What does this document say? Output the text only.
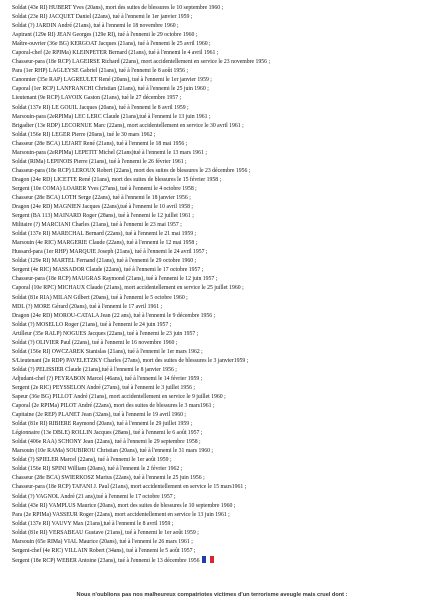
Soldat (43e RI) HUBERT Yves (20ans), mort des suites de blessures le 10 septembre 1960 ;
Soldat (23e RI) JACQUET Daniel (22ans), tué à l'ennemi le 1er janvier 1959 ;
Soldat (?) JARDIN André (21ans), tué à l'ennemi le 18 novembre 1960 ;
Aspirant (129e RI) JEAN Georges (129e RI), tué à l'ennemi le 29 octobre 1960 ;
Maître-ouvrier (36e BG) KERGOAT Jacques (21ans), tué à l'ennemi le 25 avril 1960 ;
Caporal-chef (2e RPIMa) KLEINPETER Bernard (21ans), tué à l'ennemi le 4 avril 1961 ;
Chasseur-para (18e RCP) LAGEIRSE Richard (22ans), mort accidentellement en service le 23 novembre 1956 ;
Para (1er RHP) LAGLEYSE Gabriel (21ans), tué à l'ennemi le 8 août 1956 ;
Canonnier (35e RAP) LAGREULET René (20ans), tué à l'ennemi le 1er janvier 1959 ;
Caporal (1er RCP) LANFRANCHI Christian (21ans), tué à l'ennemi le 25 juin 1960 ;
Lieutenant (9e RCP) LAVOIX Gaston (21ans), tué le 27 décembre 1957 ;
Soldat (137e RI) LE GOUIL Jacques (20ans), tué à l'ennemi le 8 avril 1959 ;
Marsouin-para (2eRPIMa) LEC LERC Claude (21ans),tué à l'ennemi le 13 juin 1961 ;
Brigadier (13e RDP) LECORNUE Marc (22ans), mort accidentellement en service le 30 avril 1961 ;
Soldat (156e RI) LEGER Pierre (20ans), tué le 30 mars 1962 ;
Chasseur (28e BCA) LEJART René (21ans), tué à l'ennemi le 18 mai 1956 ;
Marsouin-para (2eRPIMa) LEPETIT Michel (21ans)tué à l'ennemi le 13 mars 1961 ;
Soldat (RIMa) LEPINOIS Pierre (21ans), tué à l'ennemi le 26 février 1961 ;
Chasseur-para (18e RCP) LEROUX Robert (22ans), mort des suites de blessures le 23 décembre 1956 ;
Dragon (24e RD) LICETTE René (21ans), mort des suites de blessures le 15 février 1958 ;
Sergent (10e COMA) LOARER Yves (27ans), tué à l'ennemi le 4 octobre 1958 ;
Chasseur (28e BCA) LOTH Serge (22ans), tué à l'ennemi le 18 janvier 1956 ;
Dragon (24e RD) MAGNIEN Jacques (22ans),tué à l'ennemi le 10 avril 1958 ;
Sergent (BA 113) MAINARD Roger (28ans), tué à l'ennemi le 12 juillet 1961 ;
Militaire (?) MARCIANI Charles (21ans), tué à l'ennemi le 23 mai 1957 ;
Soldat (137e RI) MARECHAL Bernard (22ans), tué à l'ennemi le 21 mai 1959 ;
Marsouin (4e RIC) MARGERIE Claude (22ans), tué à l'ennemi le 12 mai 1958 ;
Hussard-para (1er RHP) MARQUIE Joseph (21ans), tué à l'ennemi le 24 avril 1957 ;
Soldat (129e RI) MARTEL Fernand (21ans), tué à l'ennemi le 29 octobre 1960 ;
Sergent (4e RIC) MASSADOR Claude (22ans), tué à l'ennemi le 17 octobre 1957 ;
Chasseur-para (18e RCP) MAUGRAS Raymond (21ans), tué à l'ennemi le 12 juin 1957 ;
Caporal (10e RPC) MICHAUX Claude (21ans), mort accidentellement en service le 25 juillet 1960 ;
Soldat (81e RIA) MILAN Gilbert (20ans), tué à l'ennemi le 5 octobre 1960 ;
MDL (?) MORE Gérard (20ans), tué à l'ennemi le 17 avril 1961 ;
Dragon (24e RD) MOROU-CATALA Jean (22 ans), tué à l'ennemi le 9 décembre 1956 ;
Soldat (?) MOSELLO Roger (21ans), tué à l'ennemi le 24 juin 1957 ;
Artilleur (35e RALP) NOGUES Jacques (22ans), tué à l'ennemi le 23 juin 1957 ;
Soldat (?) OLIVIER Paul (22ans), tué à l'ennemi le 16 novembre 1960 ;
Soldat (156e RI) OWCZAREK Stanislas (21ans), tué à l'ennemi le 1er mars 1962 ;
S/Lieutenant (2e RDP) PAVELETZKY Charles (27ans), mort des suites de blessures le 3 janvier1959 ;
Soldat (?) PELISSIER Claude (21ans),tué à l'ennemi le 8 janvier 1956 ;
Adjudant-chef (?) PEYRABON Marcel (46ans), tué à l'ennemi le 14 février 1959 ;
Sergent (2e RIC) PEYSSELON André (27ans), tué à l'ennemi le 3 juillet 1956 ;
Sapeur (36e BG) PILLOT André (21ans), mort accidentellement en service le 9 juillet 1960 ;
Caporal (2e RPIMa) PILOT André (22ans), mort des suites de blessures le 3 mars1961 ;
Capitaine (2e REP) PLANET Jean (32ans), tué à l'ennemi le 19 avril 1960 ;
Soldat (81e RI) RIBIERE Raymond (20ans), tué à l'ennemi le 29 juillet 1959 ;
Légionnaire (13e DBLE) ROLLIN Jacques (28ans), tué à l'ennemi le 6 août 1957 ;
Soldat (406e RAA) SCHONY Jean (22ans), tué à l'ennemi le 29 septembre 1958 ;
Marsouin (10e RAMa) SOUBIROU Christian (20ans), tué à l'ennemi le 31 mars 1960 ;
Soldat (?) SPIELER Marcel (22ans), tué à l'ennemi le 1er août 1959 ;
Soldat (156e RI) SPINI William (20ans), tué à l'ennemi le 2 février 1962 ;
Chasseur (28e BCA) SWIERKOSZ Marius (22ans), tué à l'ennemi le 25 juin 1956 ;
Chasseur-para (18e RCP) TAFANI J. Paul (21ans), mort accidentellement en service le 15 mars1961 ;
Soldat (?) VAGNOL André (21 ans),tué à l'ennemi le 17 octobre 1957 ;
Soldat (43e RI) VAMPLUS Maurice (20ans), mort des suites de blessures le 10 septembre 1960 ;
Para (2e RPIMa) VASSEUR Roger (22ans), mort accidentellement en service le 13 juin 1961 ;
Soldat (137e RI) VAUVY Max (21ans),tué à l'ennemi le 8 avril 1959 ;
Soldat (81e RI) VERSABEAU Gustave (21ans), tué à l'ennemi le 1er août 1959 ;
Marsouin (65e RIMa) VIAL Maurice (20ans), tué à l'ennemi le 26 mars 1961 ;
Sergent-chef (4e RIC) VILLAIN Robert (34ans), tué à l'ennemi le 5 août 1957 ;
Sergent (18e RCP) WEBER Antoine (23ans), tué à l'ennemi le 13 décembre 1956
Nous n'oublions pas nos malheureux compatriotes victimes d'un terrorisme aveugle mais cruel dont :
